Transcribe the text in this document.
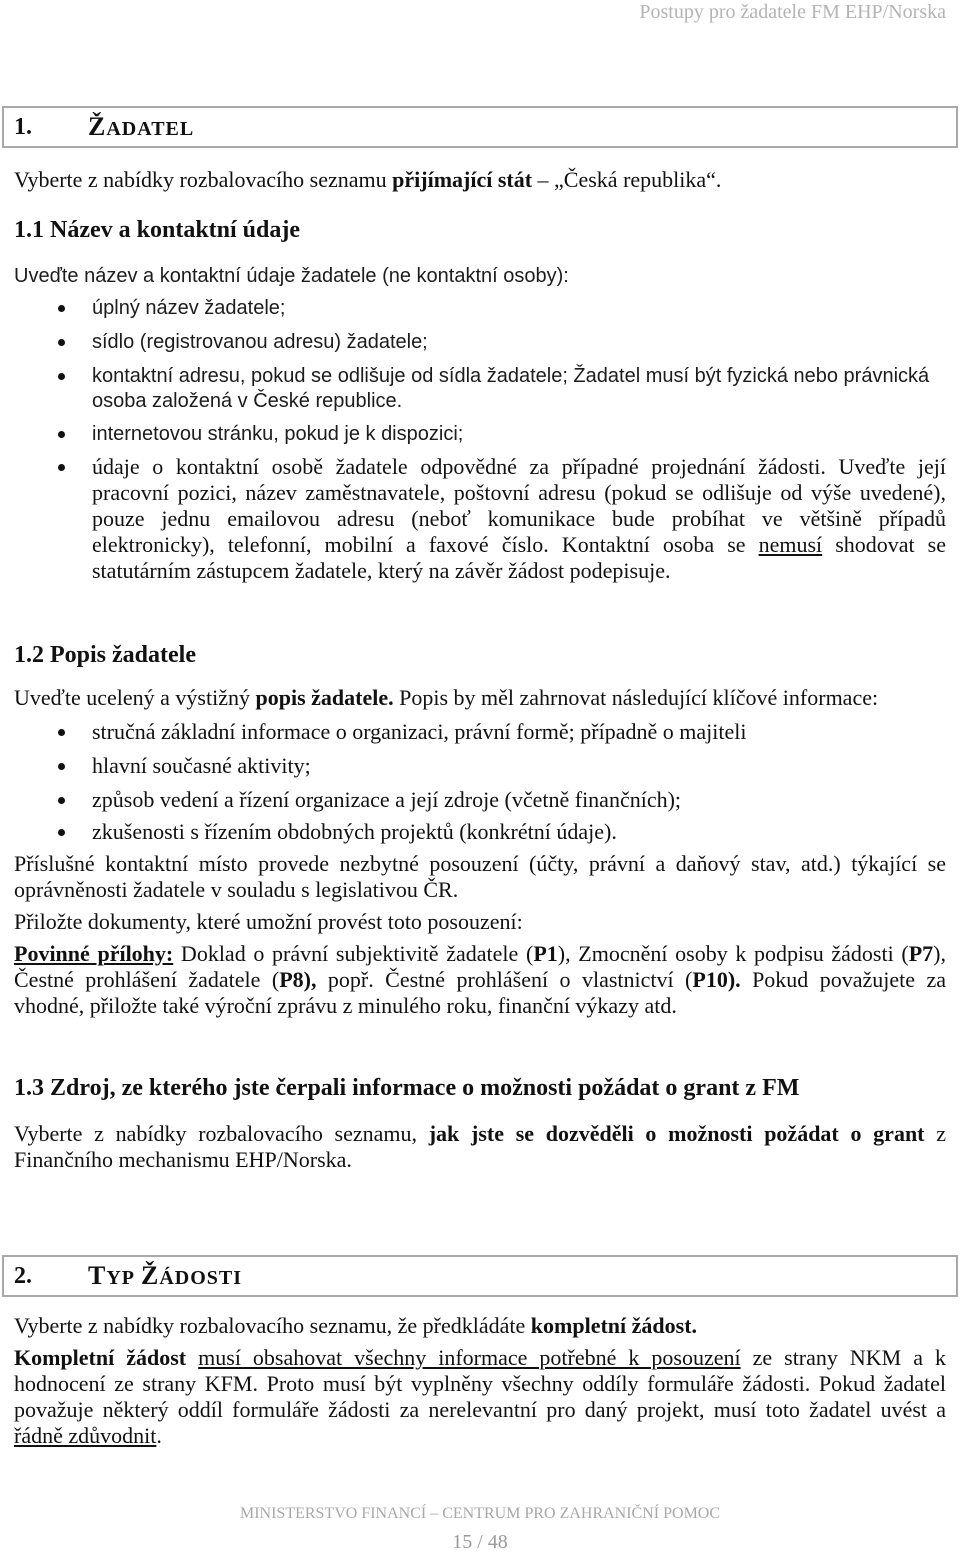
Postupy pro žadatele FM EHP/Norska
1.	ŽADATEL

Vyberte z nabídky rozbalovacího seznamu přijímající stát – „Česká republika“.

1.1 Název a kontaktní údaje

Uveďte název a kontaktní údaje žadatele (ne kontaktní osoby):

úplný název žadatele;
sídlo (registrovanou adresu) žadatele;
kontaktní adresu, pokud se odlišuje od sídla žadatele; Žadatel musí být fyzická nebo právnická osoba založená v České republice.
internetovou stránku, pokud je k dispozici;
údaje o kontaktní osobě žadatele odpovědné za případné projednání žádosti. Uveďte její pracovní pozici, název zaměstnavatele, poštovní adresu (pokud se odlišuje od výše uvedené), pouze jednu emailovou adresu (neboť komunikace bude probíhat ve většině případů elektronicky), telefonní, mobilní a faxové číslo. Kontaktní osoba se nemusí shodovat se statutárním zástupcem žadatele, který na závěr žádost podepisuje.
1.2 Popis žadatele

Uveďte ucelený a výstižný popis žadatele. Popis by měl zahrnovat následující klíčové informace:

stručná základní informace o organizaci, právní formě; případně o majiteli
hlavní současné aktivity;
způsob vedení a řízení organizace a její zdroje (včetně finančních);
zkušenosti s řízením obdobných projektů (konkrétní údaje).

Příslušné kontaktní místo provede nezbytné posouzení (účty, právní a daňový stav, atd.) týkající se oprávněnosti žadatele v souladu s legislativou ČR.

Přiložte dokumenty, které umožní provést toto posouzení:

Povinné přílohy: Doklad o právní subjektivitě žadatele (P1), Zmocnění osoby k podpisu žádosti (P7), Čestné prohlášení žadatele (P8), popř. Čestné prohlášení o vlastnictví (P10). Pokud považujete za vhodné, přiložte také výroční zprávu z minulého roku, finanční výkazy atd.

1.3 Zdroj, ze kterého jste čerpali informace o možnosti požádat o grant z FM

Vyberte z nabídky rozbalovacího seznamu, jak jste se dozvěděli o možnosti požádat o grant z Finančního mechanismu EHP/Norska.

2.	TYP ŽÁDOSTI

Vyberte z nabídky rozbalovacího seznamu, že předkládáte kompletní žádost.

Kompletní žádost musí obsahovat všechny informace potřebné k posouzení ze strany NKM a k hodnocení ze strany KFM. Proto musí být vyplněny všechny oddíly formuláře žádosti. Pokud žadatel považuje některý oddíl formuláře žádosti za nerelevantní pro daný projekt, musí toto žadatel uvést a řádně zdůvodnit.

MINISTERSTVO FINANCÍ – CENTRUM PRO ZAHRANIČNÍ POMOC
15 / 48
